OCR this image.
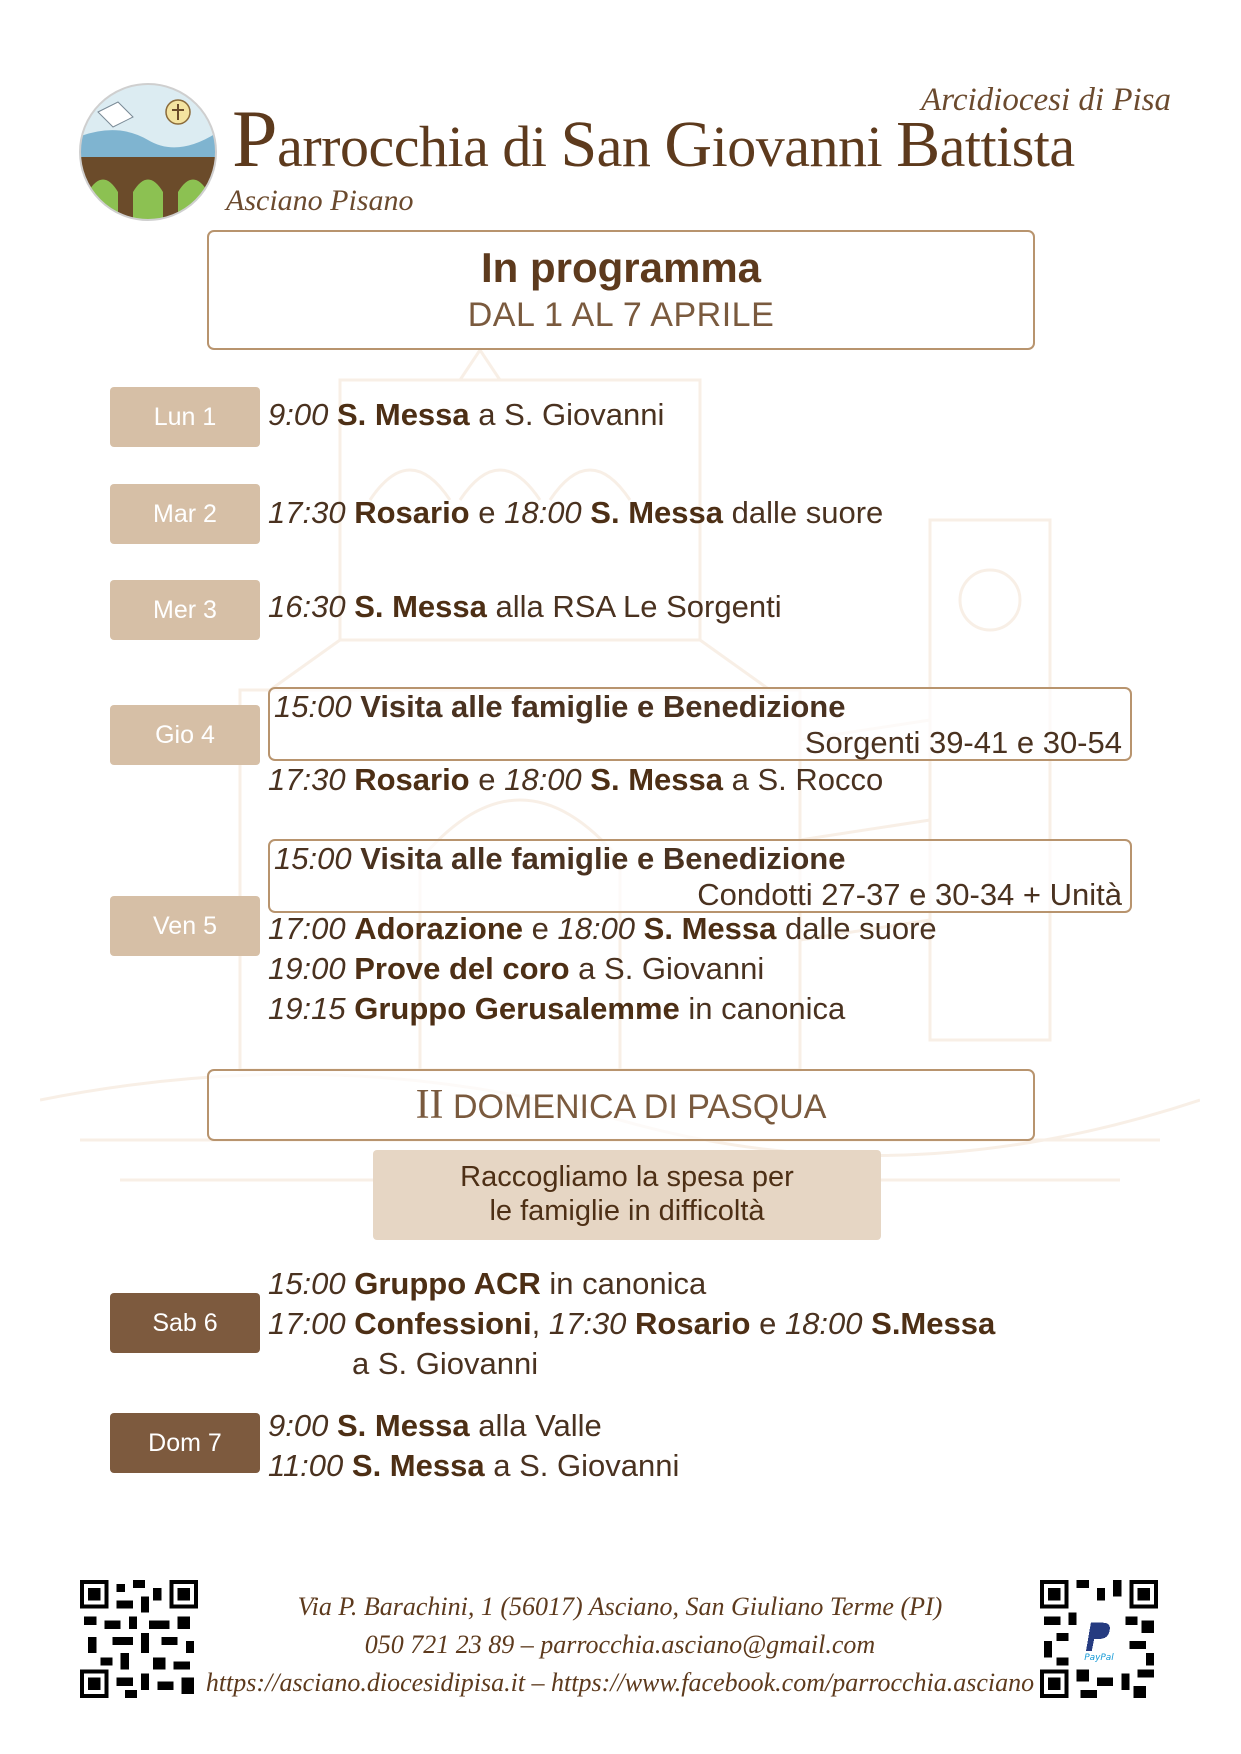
Arcidiocesi di Pisa
Parrocchia di San Giovanni Battista
Asciano Pisano
In programma
DAL 1 AL 7 APRILE
Lun 1
Mar 2
Mer 3
Gio 4
Ven 5
Sab 6
Dom 7
9:00 S. Messa a S. Giovanni
17:30 Rosario e 18:00 S. Messa dalle suore
16:30 S. Messa alla RSA Le Sorgenti
15:00 Visita alle famiglie e Benedizione
Sorgenti 39-41 e 30-54
17:30 Rosario e 18:00 S. Messa a S. Rocco
15:00 Visita alle famiglie e Benedizione
Condotti 27-37 e 30-34 + Unità
17:00 Adorazione e 18:00 S. Messa dalle suore
19:00 Prove del coro a S. Giovanni
19:15 Gruppo Gerusalemme in canonica
II DOMENICA DI PASQUA
Raccogliamo la spesa per
le famiglie in difficoltà
15:00 Gruppo ACR in canonica
17:00 Confessioni, 17:30 Rosario e 18:00 S.Messa
a S. Giovanni
9:00 S. Messa alla Valle
11:00 S. Messa a S. Giovanni
PayPal
Via P. Barachini, 1 (56017) Asciano, San Giuliano Terme (PI)
050 721 23 89 – parrocchia.asciano@gmail.com
https://asciano.diocesidipisa.it – https://www.facebook.com/parrocchia.asciano
